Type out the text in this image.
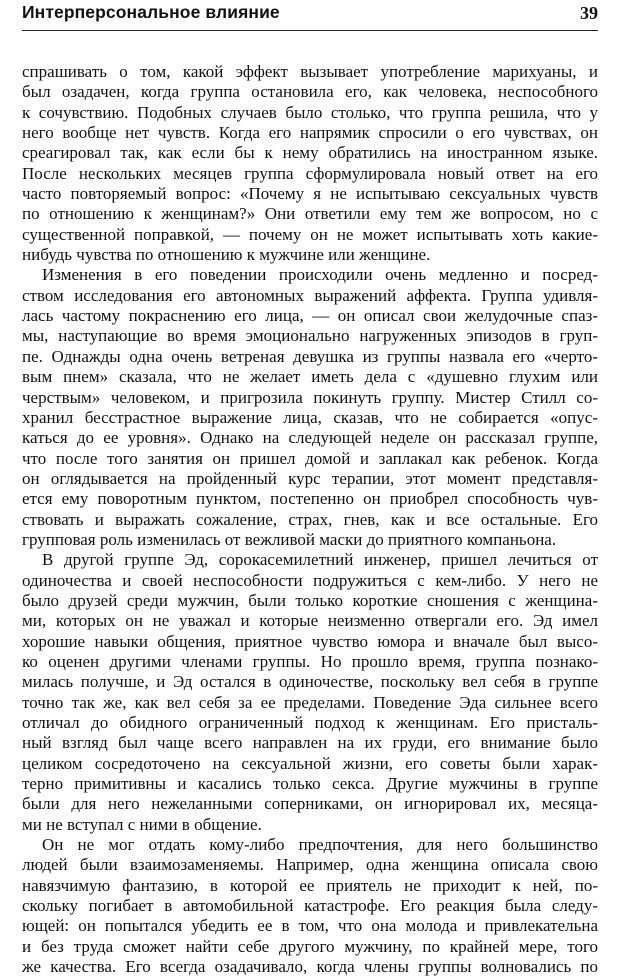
Интерперсональное влияние	39
спрашивать о том, какой эффект вызывает употребление марихуаны, и
был озадачен, когда группа остановила его, как человека, неспособного
к сочувствию. Подобных случаев было столько, что группа решила, что у
него вообще нет чувств. Когда его напрямик спросили о его чувствах, он
среагировал так, как если бы к нему обратились на иностранном языке.
После нескольких месяцев группа сформулировала новый ответ на его
часто повторяемый вопрос: «Почему я не испытываю сексуальных чувств
по отношению к женщинам?» Они ответили ему тем же вопросом, но с
существенной поправкой, — почему он не может испытывать хоть какие-
нибудь чувства по отношению к мужчине или женщине.
Изменения в его поведении происходили очень медленно и посред-
ством исследования его автономных выражений аффекта. Группа удивля-
лась частому покраснению его лица, — он описал свои желудочные спаз-
мы, наступающие во время эмоционально нагруженных эпизодов в груп-
пе. Однажды одна очень ветреная девушка из группы назвала его «черто-
вым пнем» сказала, что не желает иметь дела с «душевно глухим или
черствым» человеком, и пригрозила покинуть группу. Мистер Стилл со-
хранил бесстрастное выражение лица, сказав, что не собирается «опус-
каться до ее уровня». Однако на следующей неделе он рассказал группе,
что после того занятия он пришел домой и заплакал как ребенок. Когда
он оглядывается на пройденный курс терапии, этот момент представля-
ется ему поворотным пунктом, постепенно он приобрел способность чув-
ствовать и выражать сожаление, страх, гнев, как и все остальные. Его
групповая роль изменилась от вежливой маски до приятного компаньона.
В другой группе Эд, сорокасемилетний инженер, пришел лечиться от
одиночества и своей неспособности подружиться с кем-либо. У него не
было друзей среди мужчин, были только короткие сношения с женщина-
ми, которых он не уважал и которые неизменно отвергали его. Эд имел
хорошие навыки общения, приятное чувство юмора и вначале был высо-
ко оценен другими членами группы. Но прошло время, группа познако-
милась получше, и Эд остался в одиночестве, поскольку вел себя в группе
точно так же, как вел себя за ее пределами. Поведение Эда сильнее всего
отличал до обидного ограниченный подход к женщинам. Его присталь-
ный взгляд был чаще всего направлен на их груди, его внимание было
целиком сосредоточено на сексуальной жизни, его советы были харак-
терно примитивны и касались только секса. Другие мужчины в группе
были для него нежеланными соперниками, он игнорировал их, месяца-
ми не вступал с ними в общение.
Он не мог отдать кому-либо предпочтения, для него большинство
людей были взаимозаменяемы. Например, одна женщина описала свою
навязчимую фантазию, в которой ее приятель не приходит к ней, по-
скольку погибает в автомобильной катастрофе. Его реакция была следу-
ющей: он попытался убедить ее в том, что она молода и привлекательна
и без труда сможет найти себе другого мужчину, по крайней мере, того
же качества. Его всегда озадачивало, когда члены группы волновались по
